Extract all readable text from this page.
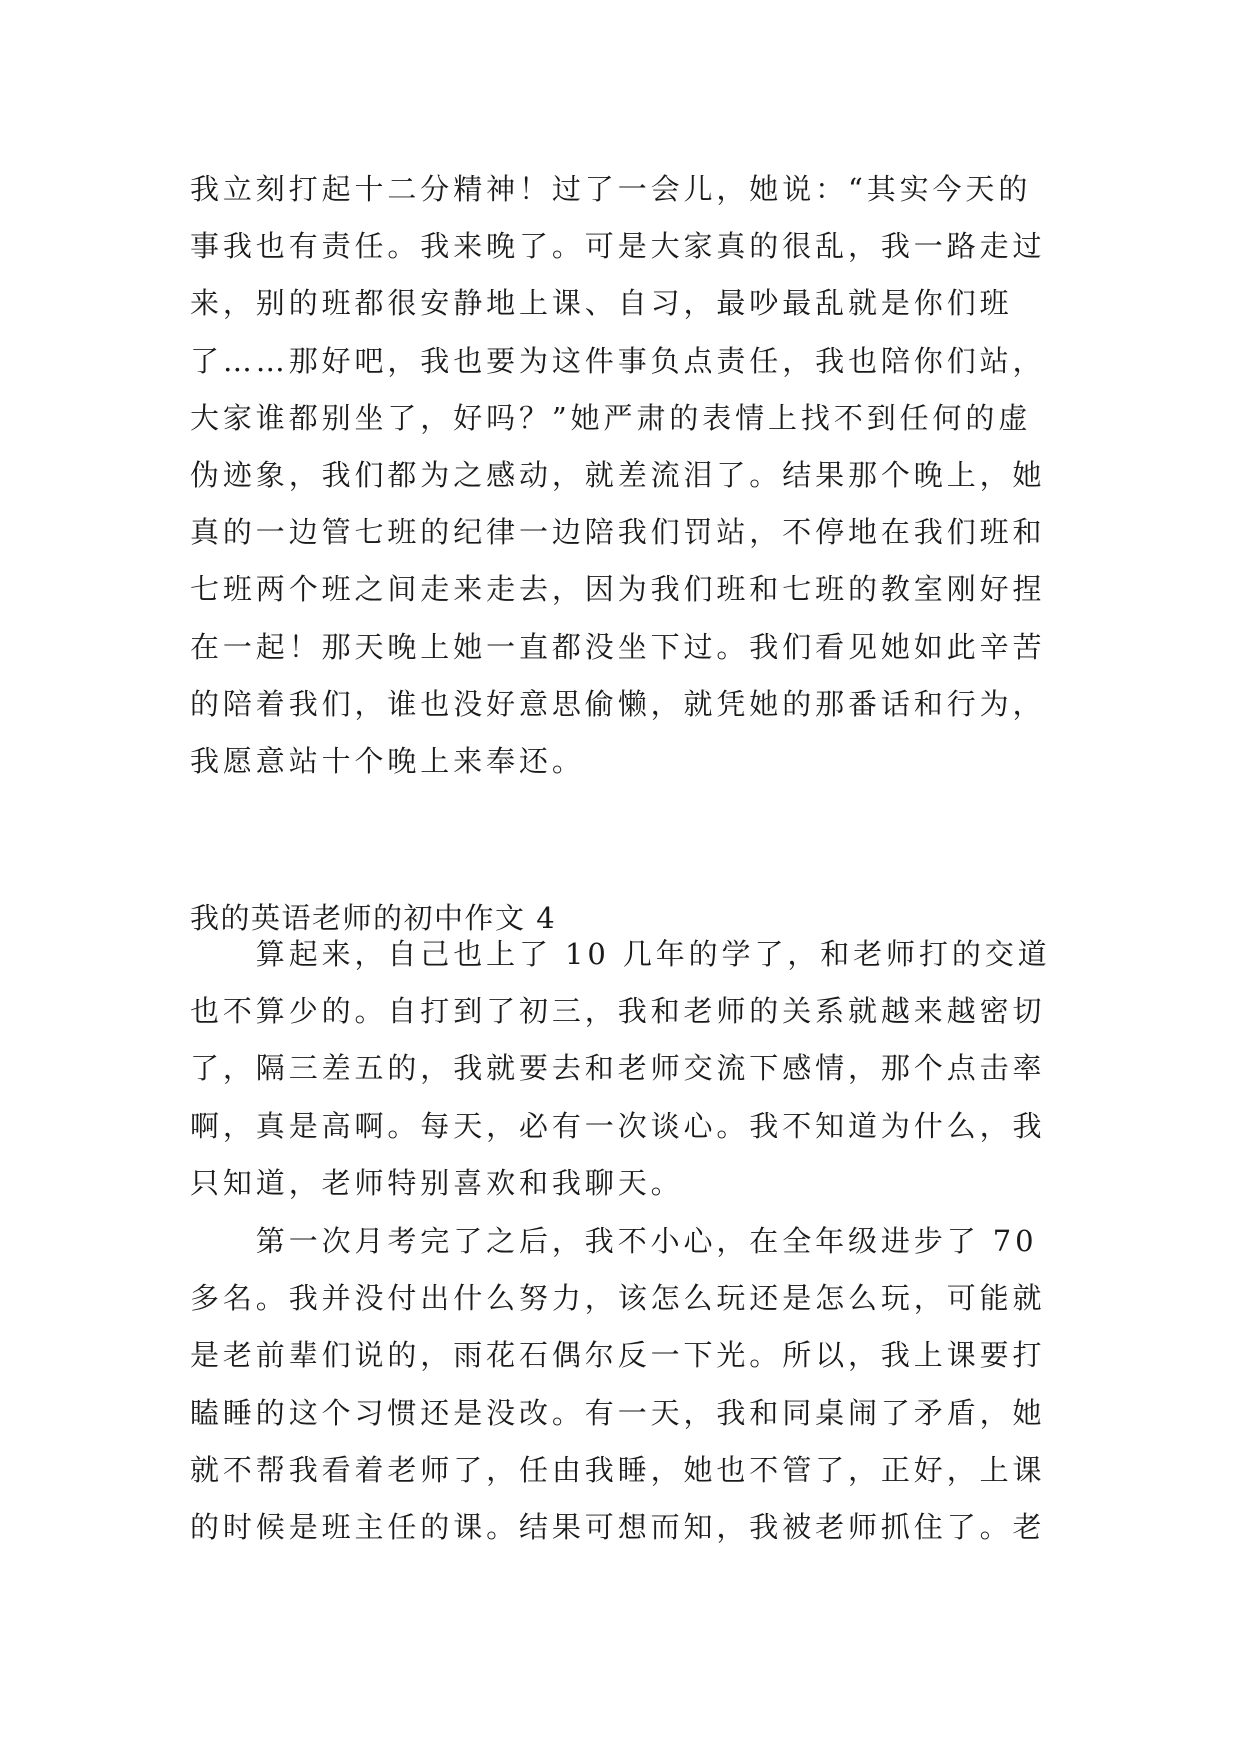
我立刻打起十二分精神！过了一会儿，她说：“其实今天的
事我也有责任。我来晚了。可是大家真的很乱，我一路走过
来，别的班都很安静地上课、自习，最吵最乱就是你们班
了……那好吧，我也要为这件事负点责任，我也陪你们站，
大家谁都别坐了，好吗？”她严肃的表情上找不到任何的虚
伪迹象，我们都为之感动，就差流泪了。结果那个晚上，她
真的一边管七班的纪律一边陪我们罚站，不停地在我们班和
七班两个班之间走来走去，因为我们班和七班的教室刚好捏
在一起！那天晚上她一直都没坐下过。我们看见她如此辛苦
的陪着我们，谁也没好意思偷懒，就凭她的那番话和行为，
我愿意站十个晚上来奉还。
我的英语老师的初中作文 4
　　算起来，自己也上了 10 几年的学了，和老师打的交道
也不算少的。自打到了初三，我和老师的关系就越来越密切
了，隔三差五的，我就要去和老师交流下感情，那个点击率
啊，真是高啊。每天，必有一次谈心。我不知道为什么，我
只知道，老师特别喜欢和我聊天。
　　第一次月考完了之后，我不小心，在全年级进步了 70
多名。我并没付出什么努力，该怎么玩还是怎么玩，可能就
是老前辈们说的，雨花石偶尔反一下光。所以，我上课要打
瞌睡的这个习惯还是没改。有一天，我和同桌闹了矛盾，她
就不帮我看着老师了，任由我睡，她也不管了，正好，上课
的时候是班主任的课。结果可想而知，我被老师抓住了。老
